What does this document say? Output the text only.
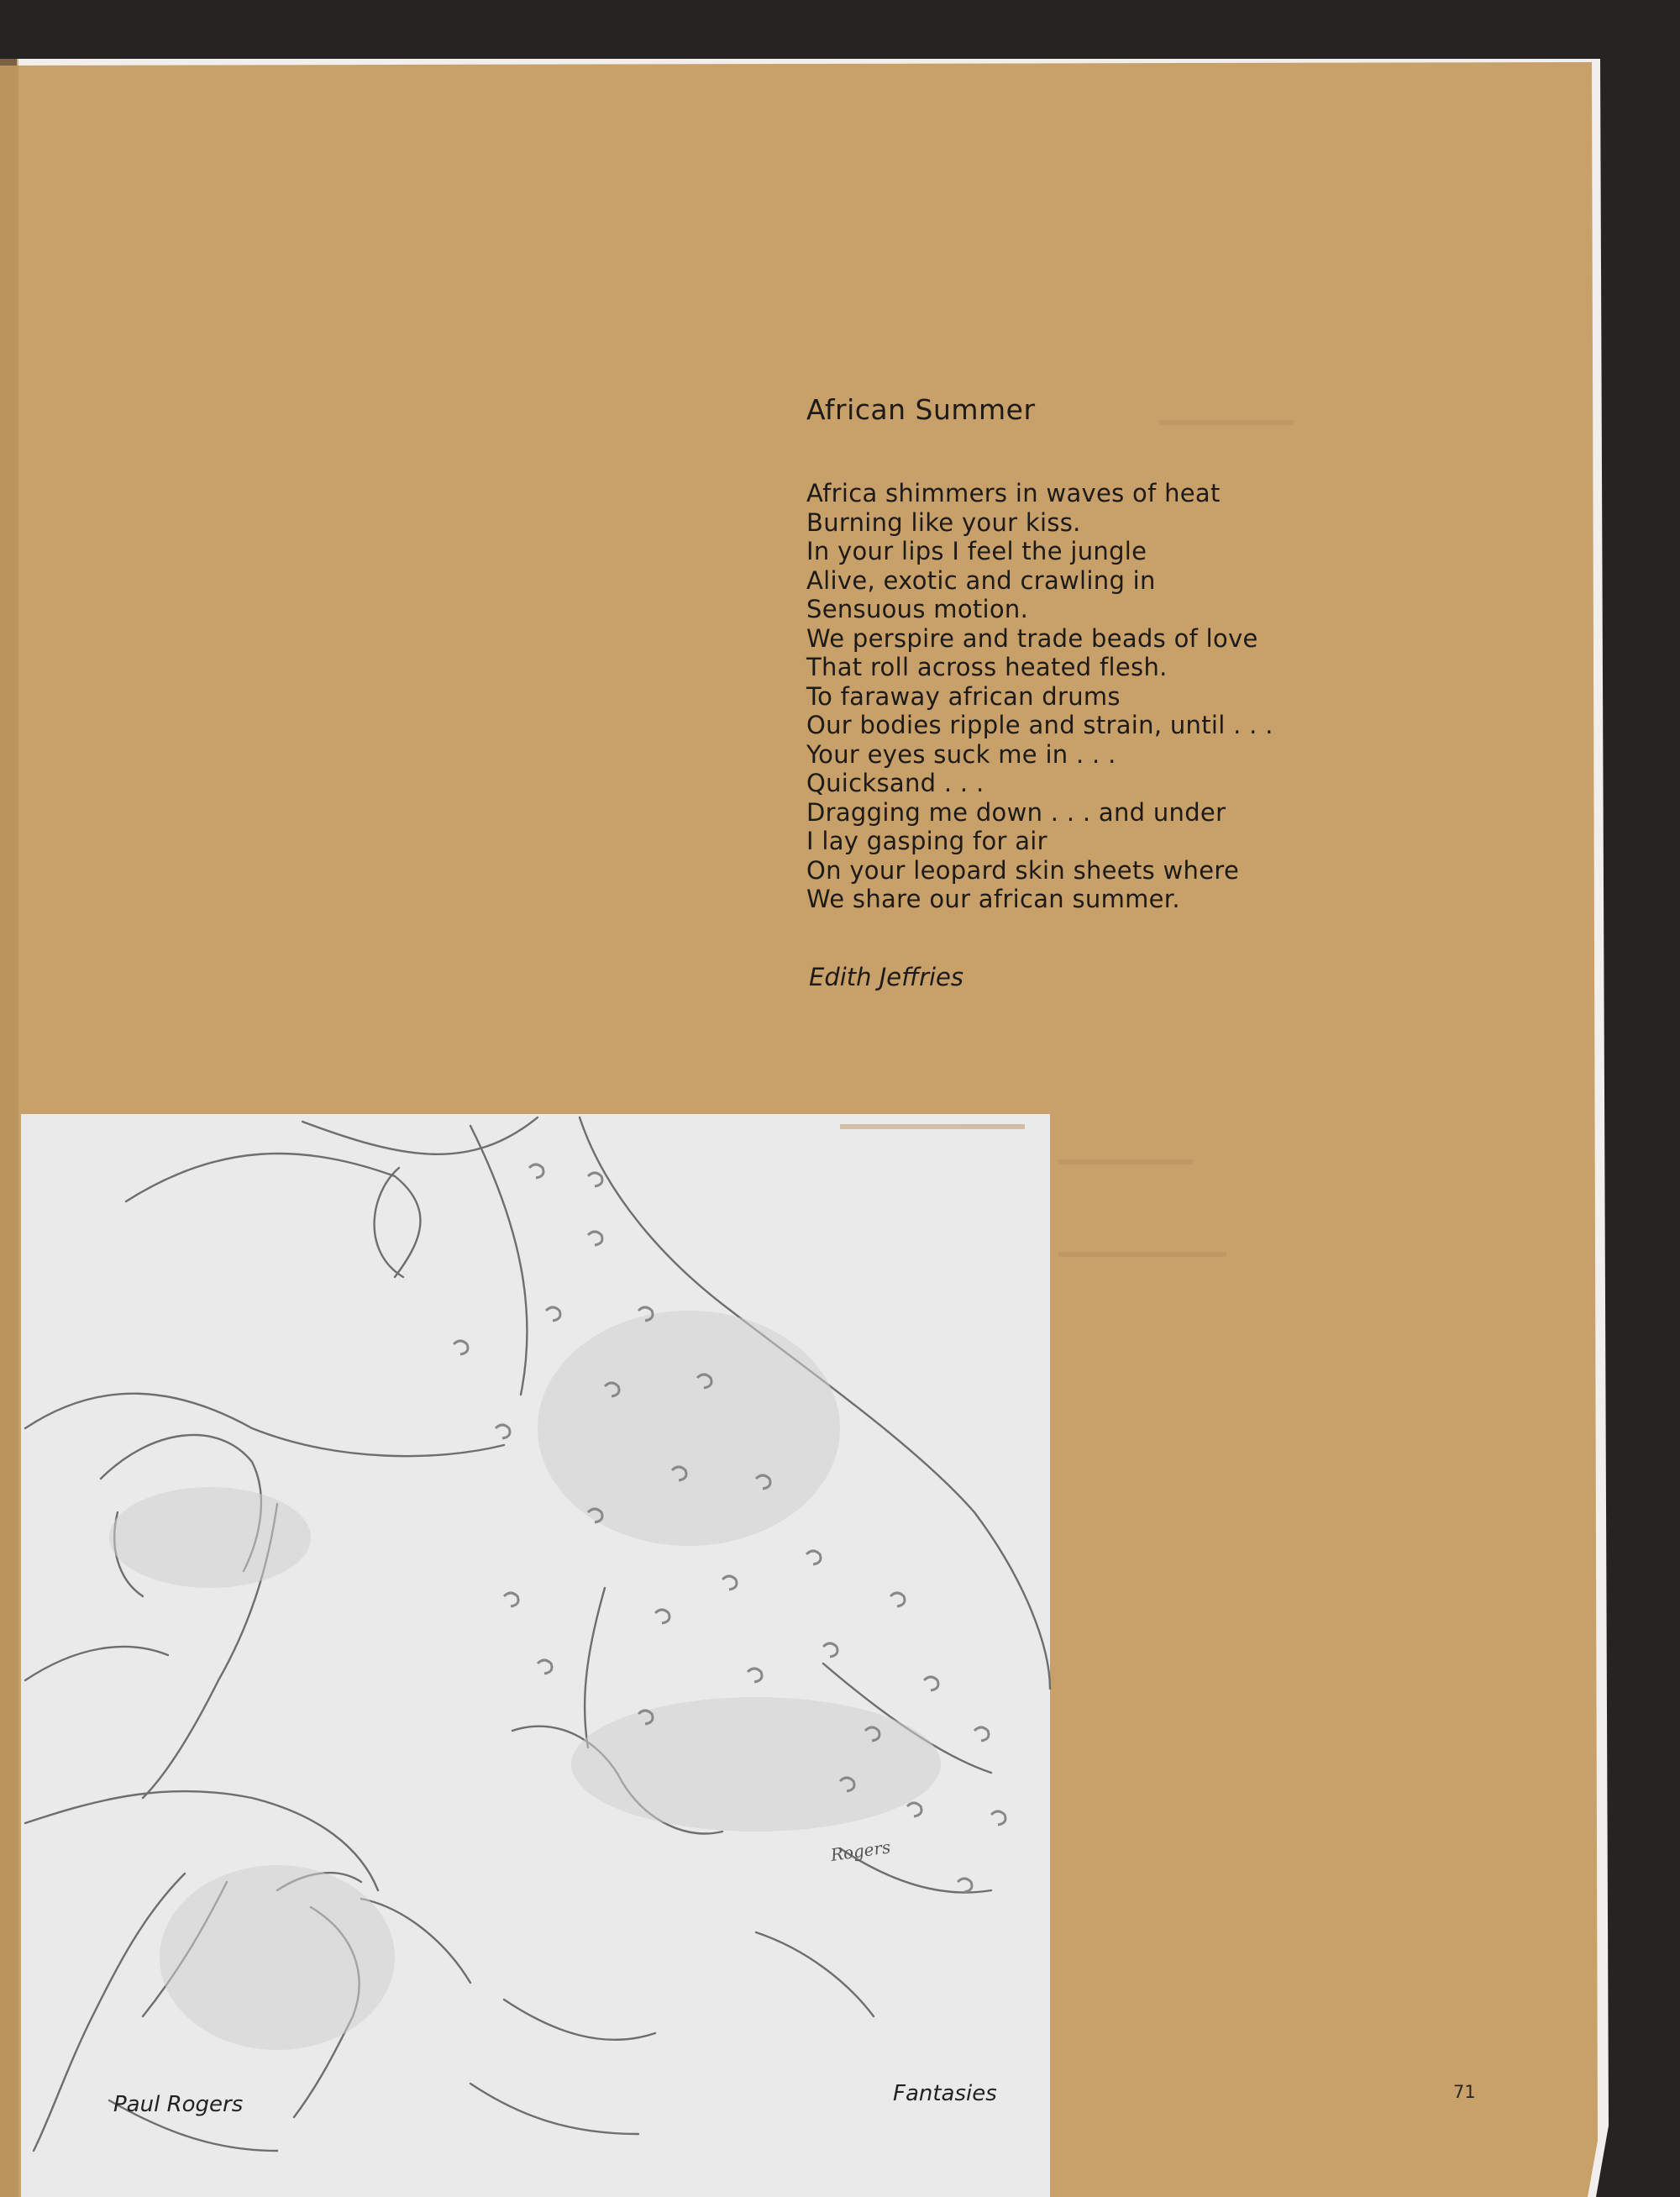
Rogers
African Summer
Africa shimmers in waves of heat
Burning like your kiss.
In your lips I feel the jungle
Alive, exotic and crawling in
Sensuous motion.
We perspire and trade beads of love
That roll across heated flesh.
To faraway african drums
Our bodies ripple and strain, until . . .
Your eyes suck me in . . .
Quicksand . . .
Dragging me down . . . and under
I lay gasping for air
On your leopard skin sheets where
We share our african summer.
Edith Jeffries
Paul Rogers	Fantasies	71
